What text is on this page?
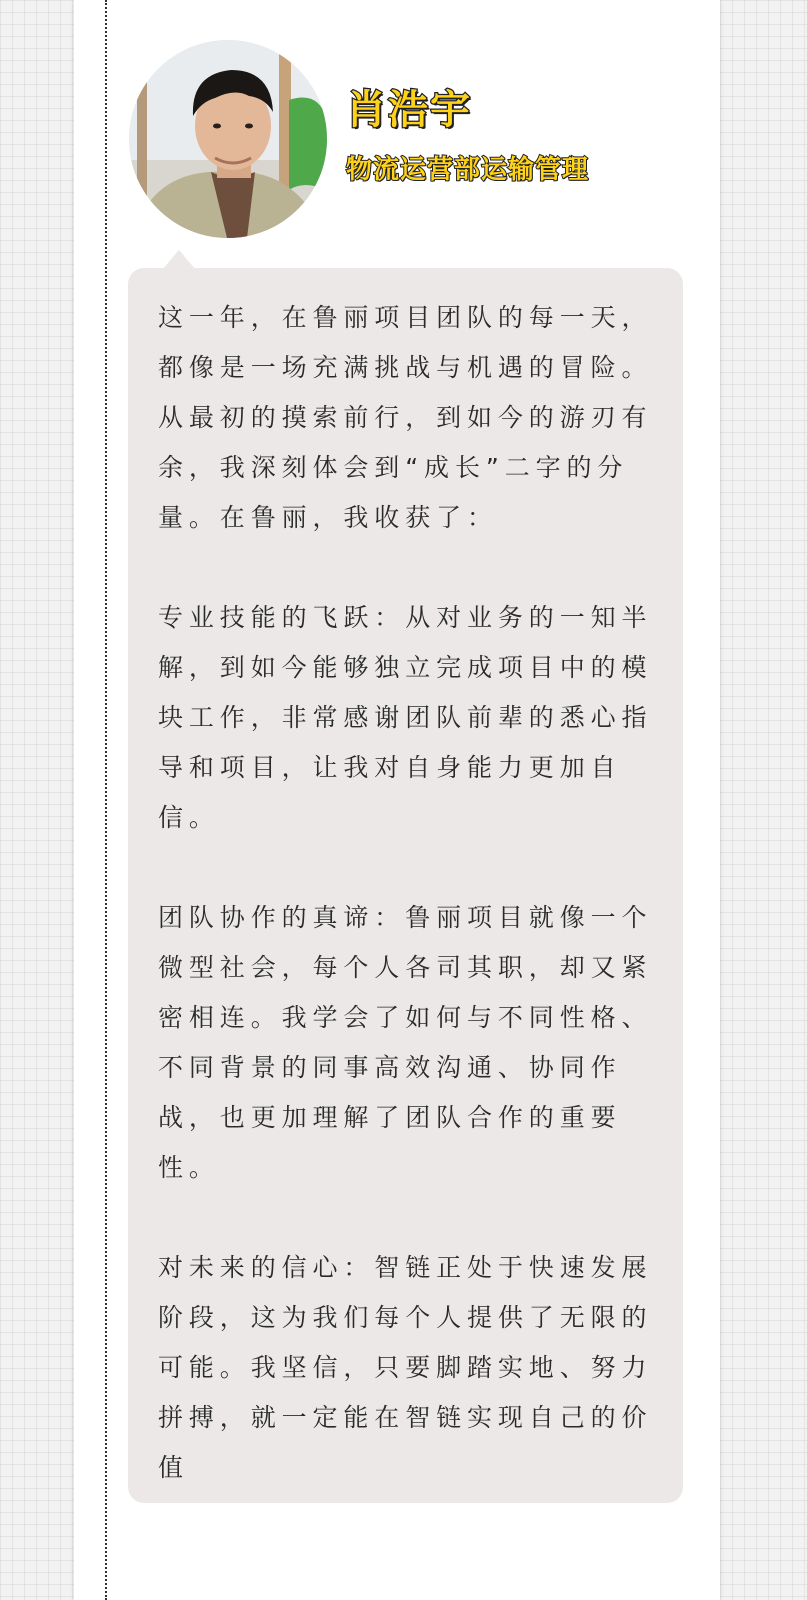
肖浩宇
物流运营部运输管理

这一年，在鲁丽项目团队的每一天，都像是一场充满挑战与机遇的冒险。从最初的摸索前行，到如今的游刃有余，我深刻体会到“成长”二字的分量。在鲁丽，我收获了：

专业技能的飞跃：从对业务的一知半解，到如今能够独立完成项目中的模块工作，非常感谢团队前辈的悉心指导和项目，让我对自身能力更加自信。

团队协作的真谛：鲁丽项目就像一个微型社会，每个人各司其职，却又紧密相连。我学会了如何与不同性格、不同背景的同事高效沟通、协同作战，也更加理解了团队合作的重要性。

对未来的信心：智链正处于快速发展阶段，这为我们每个人提供了无限的可能。我坚信，只要脚踏实地、努力拼搏，就一定能在智链实现自己的价值
